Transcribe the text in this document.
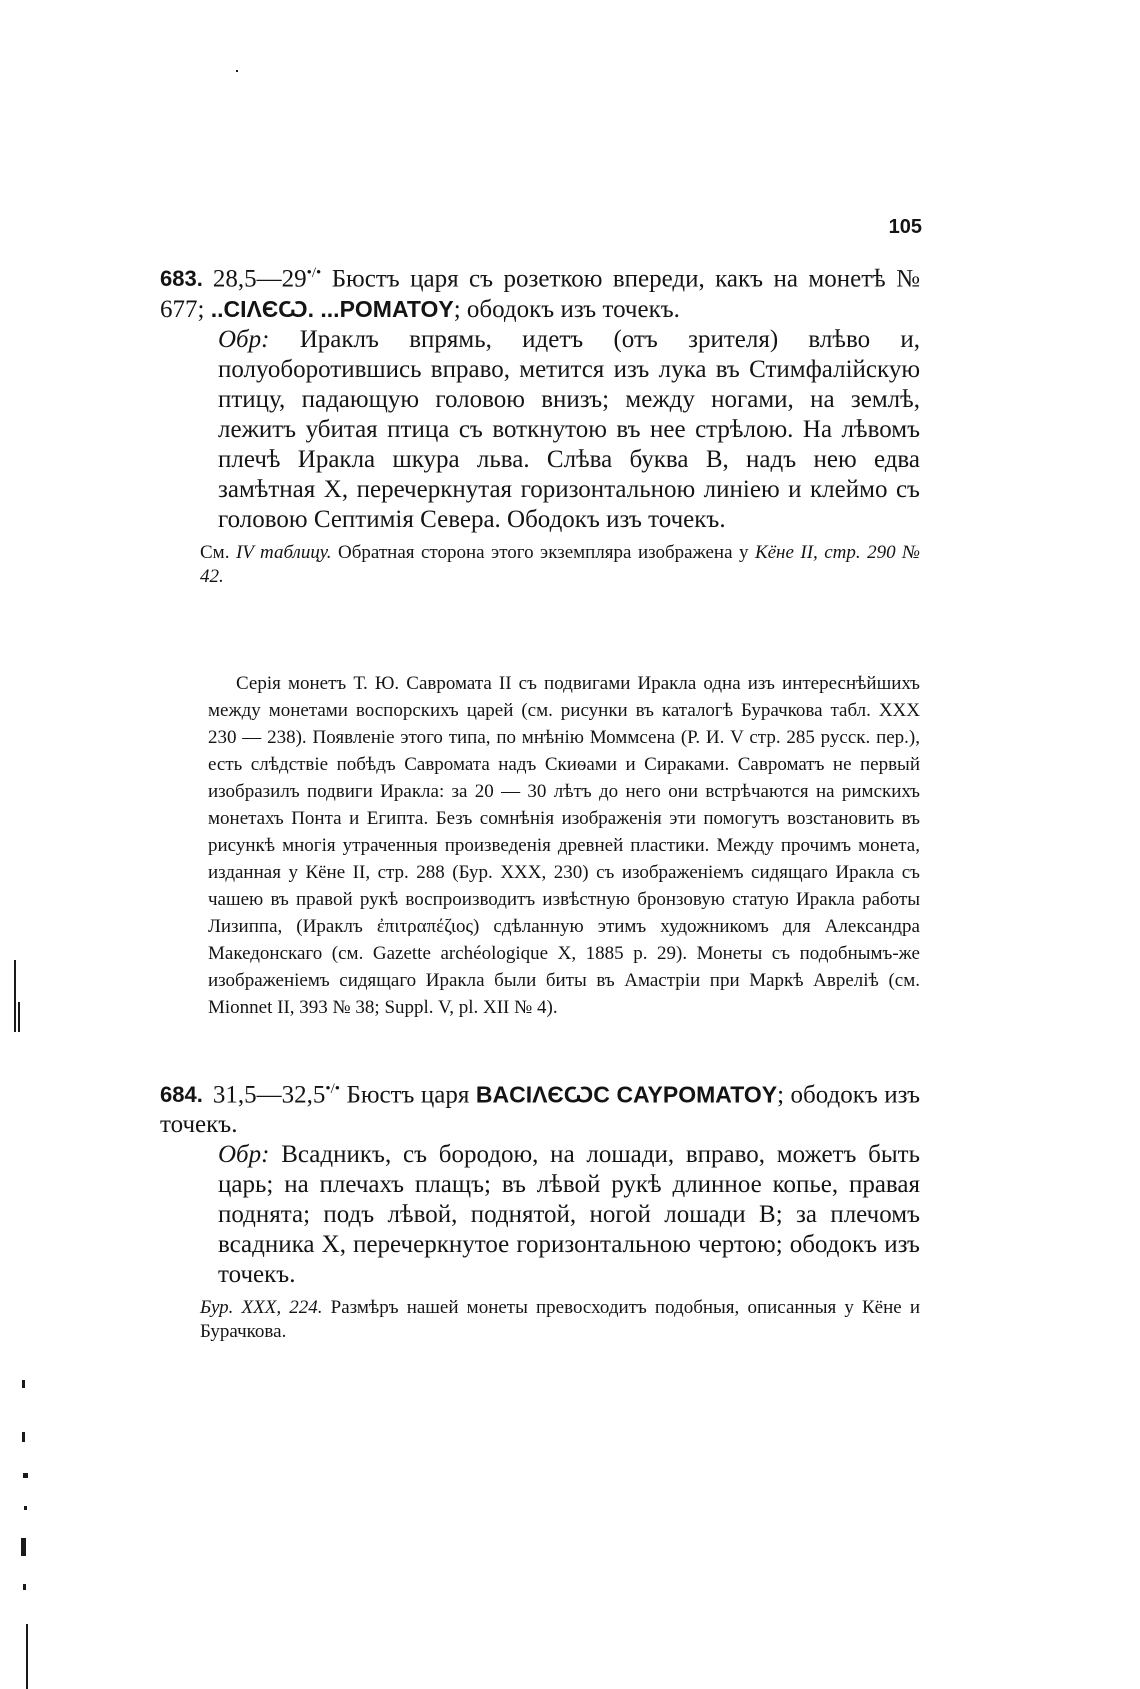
105
683. 28,5—29•/• Бюстъ царя съ розеткою впереди, какъ на монетѣ № 677; ..CIΛЄѠ. ...POMATOY; ободокъ изъ точекъ.

Обр: Ираклъ впрямь, идетъ (отъ зрителя) влѣво и, полуоборотившись вправо, метится изъ лука въ Стимфалійскую птицу, падающую головою внизъ; между ногами, на землѣ, лежитъ убитая птица съ воткнутою въ нее стрѣлою. На лѣвомъ плечѣ Иракла шкура льва. Слѣва буква B, надъ нею едва замѣтная X, перечеркнутая горизонтальною линіею и клеймо съ головою Септимія Севера. Ободокъ изъ точекъ.

См. IV таблицу. Обратная сторона этого экземпляра изображена у Кёне II, стр. 290 № 42.

Серія монетъ Т. Ю. Савромата II съ подвигами Иракла одна изъ интереснѣйшихъ между монетами воспорскихъ царей (см. рисунки въ каталогѣ Бурачкова табл. XXX 230 — 238). Появленіе этого типа, по мнѣнію Моммсена (Р. И. V стр. 285 русск. пер.), есть слѣдствіе побѣдъ Савромата надъ Скиѳами и Сираками. Савроматъ не первый изобразилъ подвиги Иракла: за 20 — 30 лѣтъ до него они встрѣчаются на римскихъ монетахъ Понта и Египта. Безъ сомнѣнія изображенія эти помогутъ возстановить въ рисункѣ многія утраченныя произведенія древней пластики. Между прочимъ монета, изданная у Кёне II, стр. 288 (Бур. XXX, 230) съ изображеніемъ сидящаго Иракла съ чашею въ правой рукѣ воспроизводитъ извѣстную бронзовую статую Иракла работы Лизиппа, (Ираклъ ἐπιτραπέζιος) сдѣланную этимъ художникомъ для Александра Македонскаго (см. Gazette archéologique X, 1885 p. 29). Монеты съ подобнымъ-же изображеніемъ сидящаго Иракла были биты въ Амастріи при Маркѣ Авреліѣ (см. Mionnet II, 393 № 38; Suppl. V, pl. XII № 4).

684. 31,5—32,5•/• Бюстъ царя BACIΛЄѠC CAYPOMATOY; ободокъ изъ точекъ.

Обр: Всадникъ, съ бородою, на лошади, вправо, можетъ быть царь; на плечахъ плащъ; въ лѣвой рукѣ длинное копье, правая поднята; подъ лѣвой, поднятой, ногой лошади B; за плечомъ всадника X, перечеркнутое горизонтальною чертою; ободокъ изъ точекъ.

Бур. XXX, 224. Размѣръ нашей монеты превосходитъ подобныя, описанныя у Кёне и Бурачкова.
